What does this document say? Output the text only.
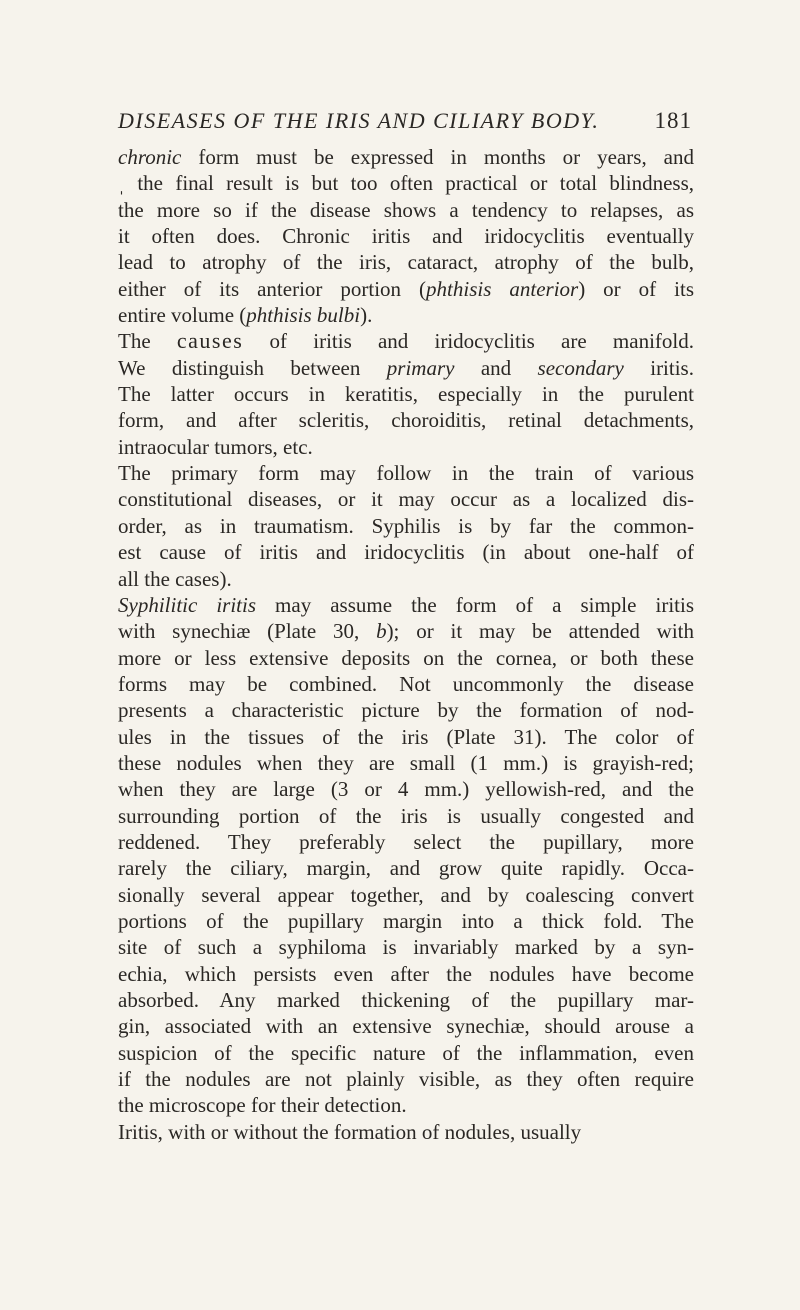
DISEASES OF THE IRIS AND CILIARY BODY. 181
chronic form must be expressed in months or years, and
ˌ the final result is but too often practical or total blindness,
the more so if the disease shows a tendency to relapses, as
it often does. Chronic iritis and iridocyclitis eventually
lead to atrophy of the iris, cataract, atrophy of the bulb,
either of its anterior portion (phthisis anterior) or of its
entire volume (phthisis bulbi).
The causes of iritis and iridocyclitis are manifold.
We distinguish between primary and secondary iritis.
The latter occurs in keratitis, especially in the purulent
form, and after scleritis, choroiditis, retinal detachments,
intraocular tumors, etc.
The primary form may follow in the train of various
constitutional diseases, or it may occur as a localized dis-
order, as in traumatism. Syphilis is by far the common-
est cause of iritis and iridocyclitis (in about one-half of
all the cases).
Syphilitic iritis may assume the form of a simple iritis
with synechiæ (Plate 30, b); or it may be attended with
more or less extensive deposits on the cornea, or both these
forms may be combined. Not uncommonly the disease
presents a characteristic picture by the formation of nod-
ules in the tissues of the iris (Plate 31). The color of
these nodules when they are small (1 mm.) is grayish-red;
when they are large (3 or 4 mm.) yellowish-red, and the
surrounding portion of the iris is usually congested and
reddened. They preferably select the pupillary, more
rarely the ciliary, margin, and grow quite rapidly. Occa-
sionally several appear together, and by coalescing convert
portions of the pupillary margin into a thick fold. The
site of such a syphiloma is invariably marked by a syn-
echia, which persists even after the nodules have become
absorbed. Any marked thickening of the pupillary mar-
gin, associated with an extensive synechiæ, should arouse a
suspicion of the specific nature of the inflammation, even
if the nodules are not plainly visible, as they often require
the microscope for their detection.
Iritis, with or without the formation of nodules, usually
